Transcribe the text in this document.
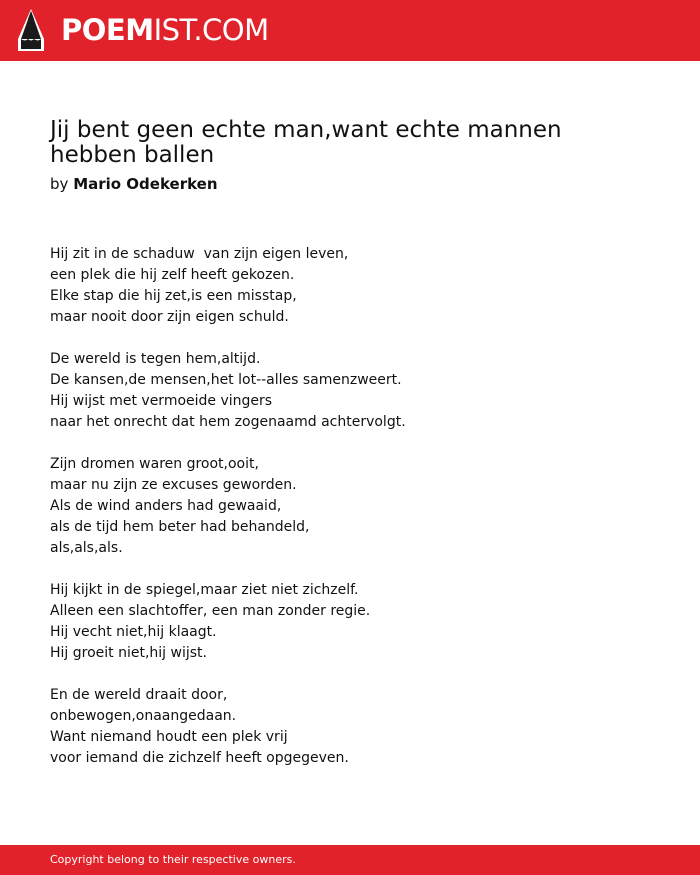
POEMIST.COM
Jij bent geen echte man,want echte mannen hebben ballen
by Mario Odekerken
Hij zit in de schaduw  van zijn eigen leven,
een plek die hij zelf heeft gekozen.
Elke stap die hij zet,is een misstap,
maar nooit door zijn eigen schuld.
De wereld is tegen hem,altijd.
De kansen,de mensen,het lot--alles samenzweert.
Hij wijst met vermoeide vingers
naar het onrecht dat hem zogenaamd achtervolgt.
Zijn dromen waren groot,ooit,
maar nu zijn ze excuses geworden.
Als de wind anders had gewaaid,
als de tijd hem beter had behandeld,
als,als,als.
Hij kijkt in de spiegel,maar ziet niet zichzelf.
Alleen een slachtoffer, een man zonder regie.
Hij vecht niet,hij klaagt.
Hij groeit niet,hij wijst.
En de wereld draait door,
onbewogen,onaangedaan.
Want niemand houdt een plek vrij
voor iemand die zichzelf heeft opgegeven.
Copyright belong to their respective owners.
